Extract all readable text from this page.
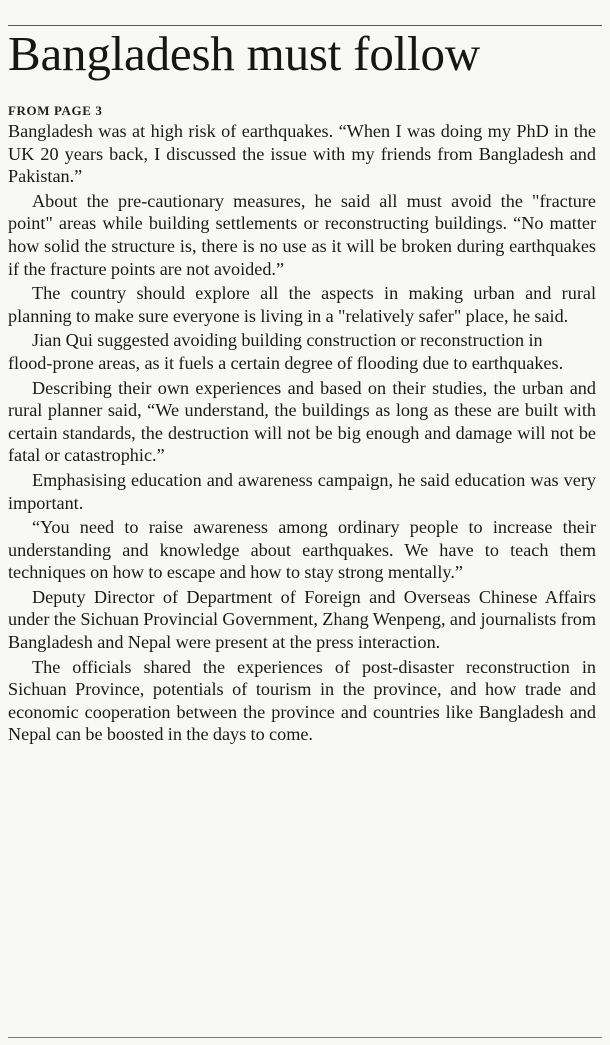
Bangladesh must follow
FROM PAGE 3

Bangladesh was at high risk of earthquakes. “When I was doing my PhD in the UK 20 years back, I discussed the issue with my friends from Bangladesh and Pakistan.”

About the pre-cautionary measures, he said all must avoid the "fracture point" areas while building settlements or reconstructing buildings. “No matter how solid the structure is, there is no use as it will be broken during earthquakes if the fracture points are not avoided.”

The country should explore all the aspects in making urban and rural planning to make sure everyone is living in a "relatively safer" place, he said.

Jian Qui suggested avoiding building construction or reconstruction in

flood-prone areas, as it fuels a certain degree of flooding due to earthquakes.

Describing their own experiences and based on their studies, the urban and rural planner said, “We understand, the buildings as long as these are built with certain standards, the destruction will not be big enough and damage will not be fatal or catastrophic.”

Emphasising education and awareness campaign, he said education was very important.

“You need to raise awareness among ordinary people to increase their understanding and knowledge about earthquakes. We have to teach them techniques on how to escape and how to stay strong mentally.”

Deputy Director of Department of Foreign and Overseas Chinese Affairs under the Sichuan Provincial Government, Zhang Wenpeng, and journalists from Bangladesh and Nepal were present at the press interaction.

The officials shared the experiences of post-disaster reconstruction in Sichuan Province, potentials of tourism in the province, and how trade and economic cooperation between the province and countries like Bangladesh and Nepal can be boosted in the days to come.
